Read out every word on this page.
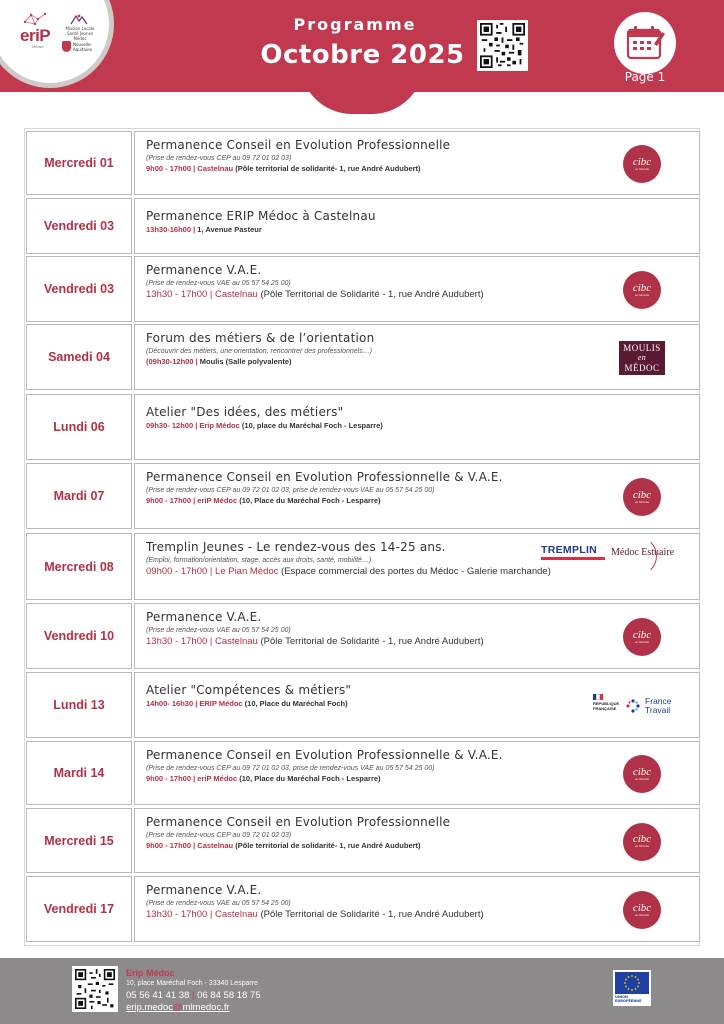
eriP
Médoc
Mission Locale Santé Jeunes Médoc
Nouvelle-Aquitaine
Programme
Octobre 2025
Page 1
Mercredi 01
Permanence Conseil en Evolution Professionnelle
(Prise de rendez-vous CEP au 09 72 01 02 03)
9h00 - 17h00 | Castelnau (Pôle territorial de solidarité- 1, rue André Audubert)
cibc
en Gironde
Vendredi 03
Permanence ERIP Médoc à Castelnau
13h30-16h00 | 1, Avenue Pasteur
Vendredi 03
Permanence V.A.E.
(Prise de rendez-vous VAE au 05 57 54 25 00)
13h30 - 17h00 | Castelnau (Pôle Territorial de Solidarité - 1, rue André Audubert)
cibc
en Gironde
Samedi 04
Forum des métiers & de l’orientation
(Découvrir des métiers, une orientation, rencontrer des professionnels…)
(09h30-12h00 | Moulis (Salle polyvalente)
MOULIS
en
MÉDOC
Lundi 06
Atelier "Des idées, des métiers"
09h30- 12h00 | Erip Médoc (10, place du Maréchal Foch - Lesparre)
Mardi 07
Permanence Conseil en Evolution Professionnelle & V.A.E.
(Prise de rendez-vous CEP au 09 72 01 02 03, prise de rendez-vous VAE au 05 57 54 25 00)
9h00 - 17h00 | eriP Médoc (10, Place du Maréchal Foch - Lesparre)	cibc
en Gironde
Mercredi 08
Tremplin Jeunes - Le rendez-vous des 14-25 ans.
(Emploi, formation/orientation, stage, accès aux droits, santé, mobilité…)
09h00 - 17h00 | Le Pian Médoc (Espace commercial des portes du Médoc - Galerie marchande)
TREMPLIN	Médoc Estuaire
Vendredi 10
Permanence V.A.E.
(Prise de rendez-vous VAE au 05 57 54 25 00)
13h30 - 17h00 | Castelnau (Pôle Territorial de Solidarité - 1, rue André Audubert)
cibc
en Gironde
Lundi 13
Atelier "Compétences & métiers"
14h00- 16h30 | ERIP Médoc (10, Place du Maréchal Foch)	RÉPUBLIQUE FRANÇAISE
France
Travail
Mardi 14
Permanence Conseil en Evolution Professionnelle & V.A.E.
(Prise de rendez-vous CEP au 09 72 01 02 03, prise de rendez-vous VAE au 05 57 54 25 00)
9h00 - 17h00 | eriP Médoc (10, Place du Maréchal Foch - Lesparre)
cibc
en Gironde
Mercredi 15
Permanence Conseil en Evolution Professionnelle
(Prise de rendez-vous CEP au 09 72 01 02 03)
9h00 - 17h00 | Castelnau (Pôle territorial de solidarité- 1, rue André Audubert)
cibc
en Gironde
Vendredi 17
Permanence V.A.E.
(Prise de rendez-vous VAE au 05 57 54 25 00)
13h30 - 17h00 | Castelnau (Pôle Territorial de Solidarité - 1, rue André Audubert)
cibc
en Gironde
Erip Médoc
10, place Maréchal Foch - 33340 Lesparre
05 56 41 41 38 | 06 84 58 18 75
erip.medoc@mlmedoc.fr
UNION EUROPÉENNE
